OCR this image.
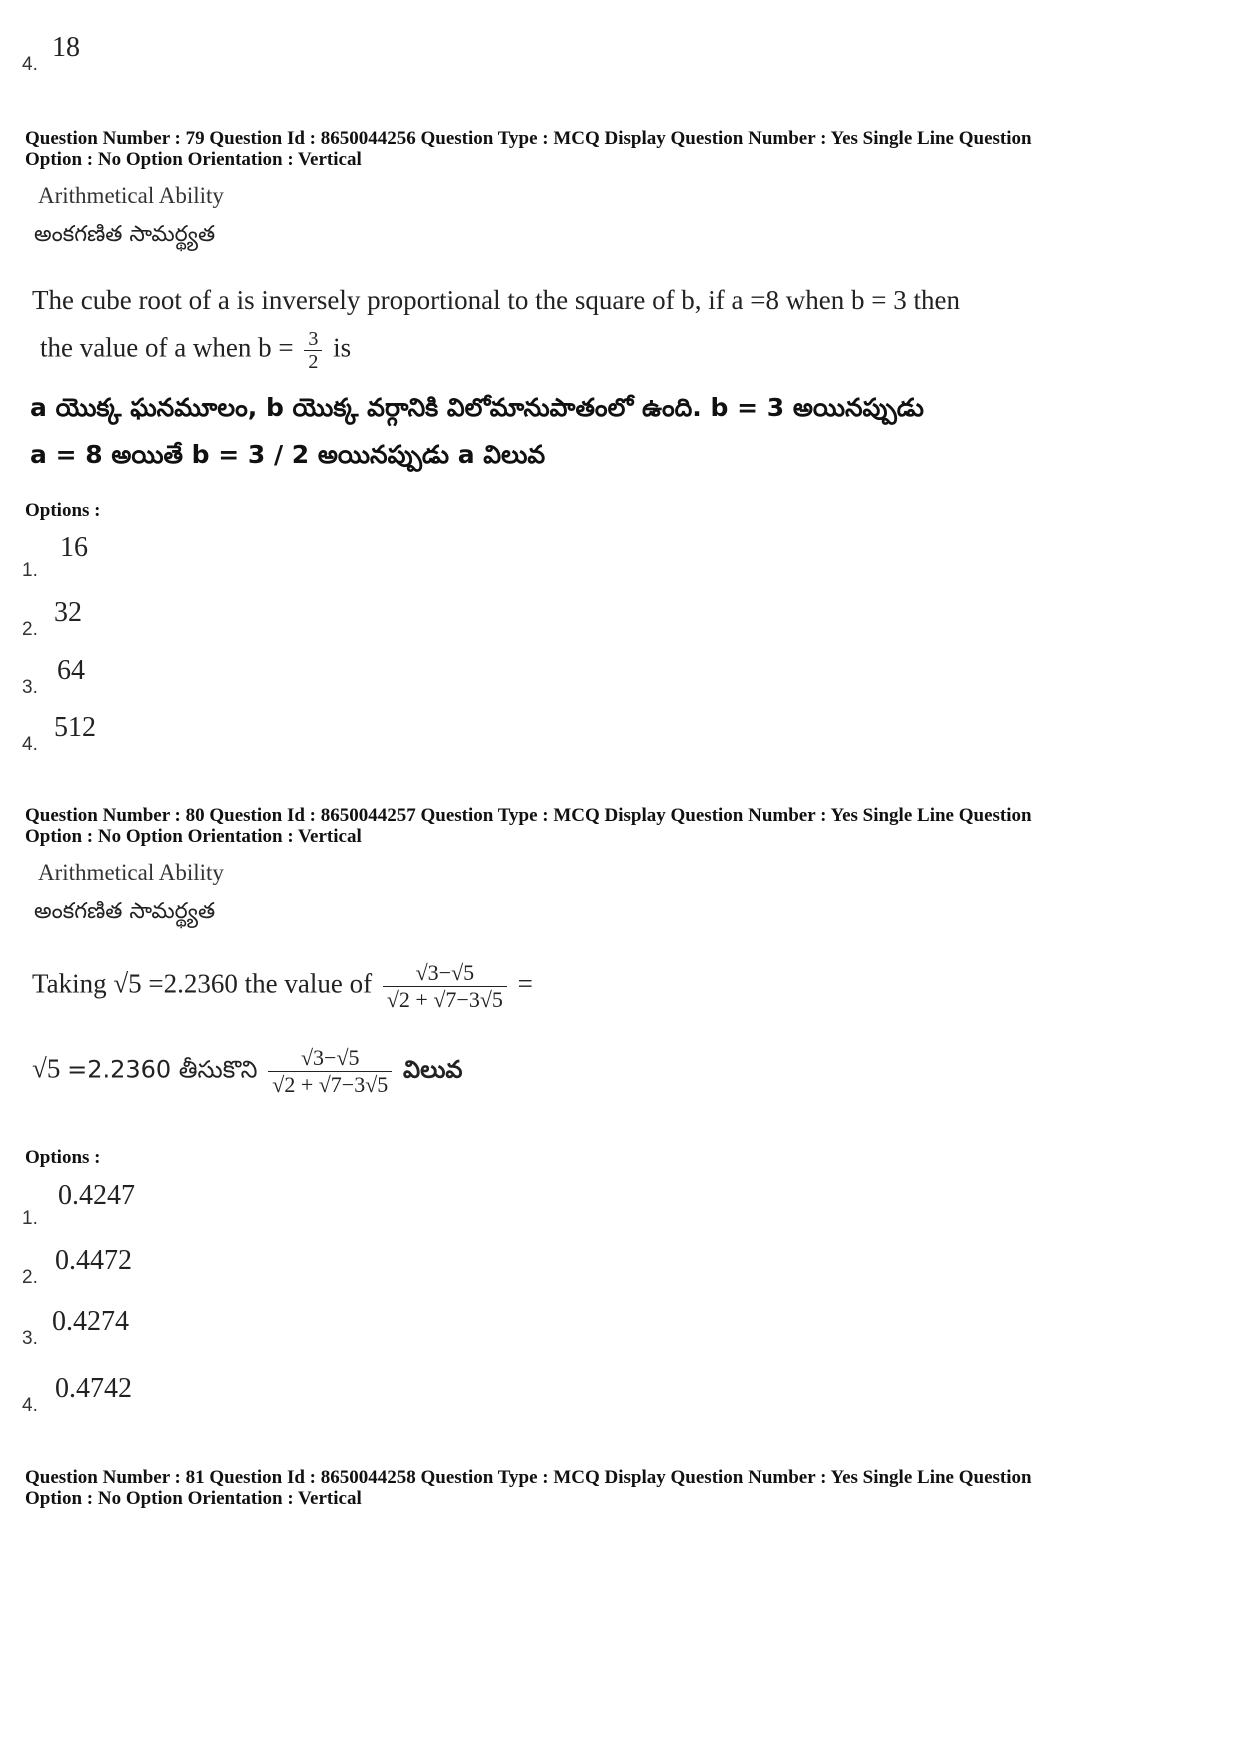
4.
18
Question Number : 79 Question Id : 8650044256 Question Type : MCQ Display Question Number : Yes Single Line Question
Option : No Option Orientation : Vertical
Arithmetical Ability
అంకగణిత సామర్థ్యత
The cube root of a is inversely proportional to the square of b, if a =8 when b = 3 then
the value of a when $b = \frac{3}{2}$ is
a యొక్క ఘనమూలం, b యొక్క వర్గానికి విలోమానుపాతంలో ఉంది. b = 3 అయినప్పుడు
a = 8 అయితే b = 3 / 2 అయినప్పుడు a విలువ
Options :
1.
16
2.
32
3.
64
4.
512
Question Number : 80 Question Id : 8650044257 Question Type : MCQ Display Question Number : Yes Single Line Question
Option : No Option Orientation : Vertical
Arithmetical Ability
అంకగణిత సామర్థ్యత
Taking √5 =2.2360 the value of $\frac{√3-√5}{√2 + √7-3√5}$ =
√5 =2.2360 తీసుకొని $\frac{√3-√5}{√2 + √7-3√5}$ విలువ
Options :
1.
0.4247
2.
0.4472
3.
0.4274
4.
0.4742
Question Number : 81 Question Id : 8650044258 Question Type : MCQ Display Question Number : Yes Single Line Question
Option : No Option Orientation : Vertical
